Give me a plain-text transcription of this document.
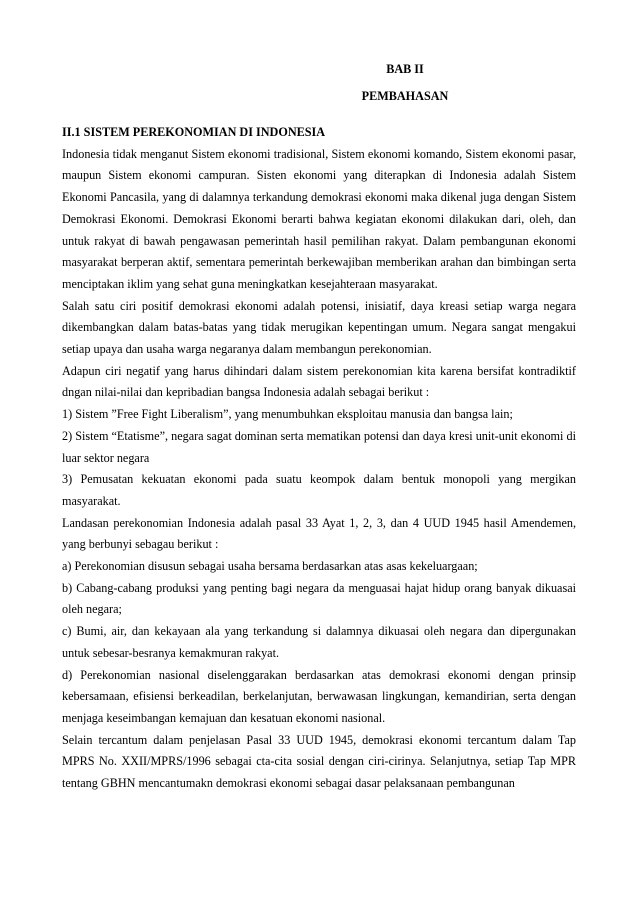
BAB II
PEMBAHASAN

II.1 SISTEM PEREKONOMIAN DI INDONESIA

Indonesia tidak menganut Sistem ekonomi tradisional, Sistem ekonomi komando, Sistem ekonomi pasar, maupun Sistem ekonomi campuran. Sisten ekonomi yang diterapkan di Indonesia adalah Sistem Ekonomi Pancasila, yang di dalamnya terkandung demokrasi ekonomi maka dikenal juga dengan Sistem Demokrasi Ekonomi. Demokrasi Ekonomi berarti bahwa kegiatan ekonomi dilakukan dari, oleh, dan untuk rakyat di bawah pengawasan pemerintah hasil pemilihan rakyat. Dalam pembangunan ekonomi masyarakat berperan aktif, sementara pemerintah berkewajiban memberikan arahan dan bimbingan serta menciptakan iklim yang sehat guna meningkatkan kesejahteraan masyarakat.

Salah satu ciri positif demokrasi ekonomi adalah potensi, inisiatif, daya kreasi setiap warga negara dikembangkan dalam batas-batas yang tidak merugikan kepentingan umum. Negara sangat mengakui setiap upaya dan usaha warga negaranya dalam membangun perekonomian.

Adapun ciri negatif yang harus dihindari dalam sistem perekonomian kita karena bersifat kontradiktif dngan nilai-nilai dan kepribadian bangsa Indonesia adalah sebagai berikut :

1) Sistem ”Free Fight Liberalism”, yang menumbuhkan eksploitau manusia dan bangsa lain;

2) Sistem “Etatisme”, negara sagat dominan serta mematikan potensi dan daya kresi unit-unit ekonomi di luar sektor negara

3) Pemusatan kekuatan ekonomi pada suatu keompok dalam bentuk monopoli yang mergikan masyarakat.

Landasan perekonomian Indonesia adalah pasal 33 Ayat 1, 2, 3, dan 4 UUD 1945 hasil Amendemen, yang berbunyi sebagau berikut :

a) Perekonomian disusun sebagai usaha bersama berdasarkan atas asas kekeluargaan;

b) Cabang-cabang produksi yang penting bagi negara da menguasai hajat hidup orang banyak dikuasai oleh negara;

c) Bumi, air, dan kekayaan ala yang terkandung si dalamnya dikuasai oleh negara dan dipergunakan untuk sebesar-besranya kemakmuran rakyat.

d) Perekonomian nasional diselenggarakan berdasarkan atas demokrasi ekonomi dengan prinsip kebersamaan, efisiensi berkeadilan, berkelanjutan, berwawasan lingkungan, kemandirian, serta dengan menjaga keseimbangan kemajuan dan kesatuan ekonomi nasional.

Selain tercantum dalam penjelasan Pasal 33 UUD 1945, demokrasi ekonomi tercantum dalam Tap MPRS No. XXII/MPRS/1996 sebagai cta-cita sosial dengan ciri-cirinya. Selanjutnya, setiap Tap MPR tentang GBHN mencantumakn demokrasi ekonomi sebagai dasar pelaksanaan pembangunan
